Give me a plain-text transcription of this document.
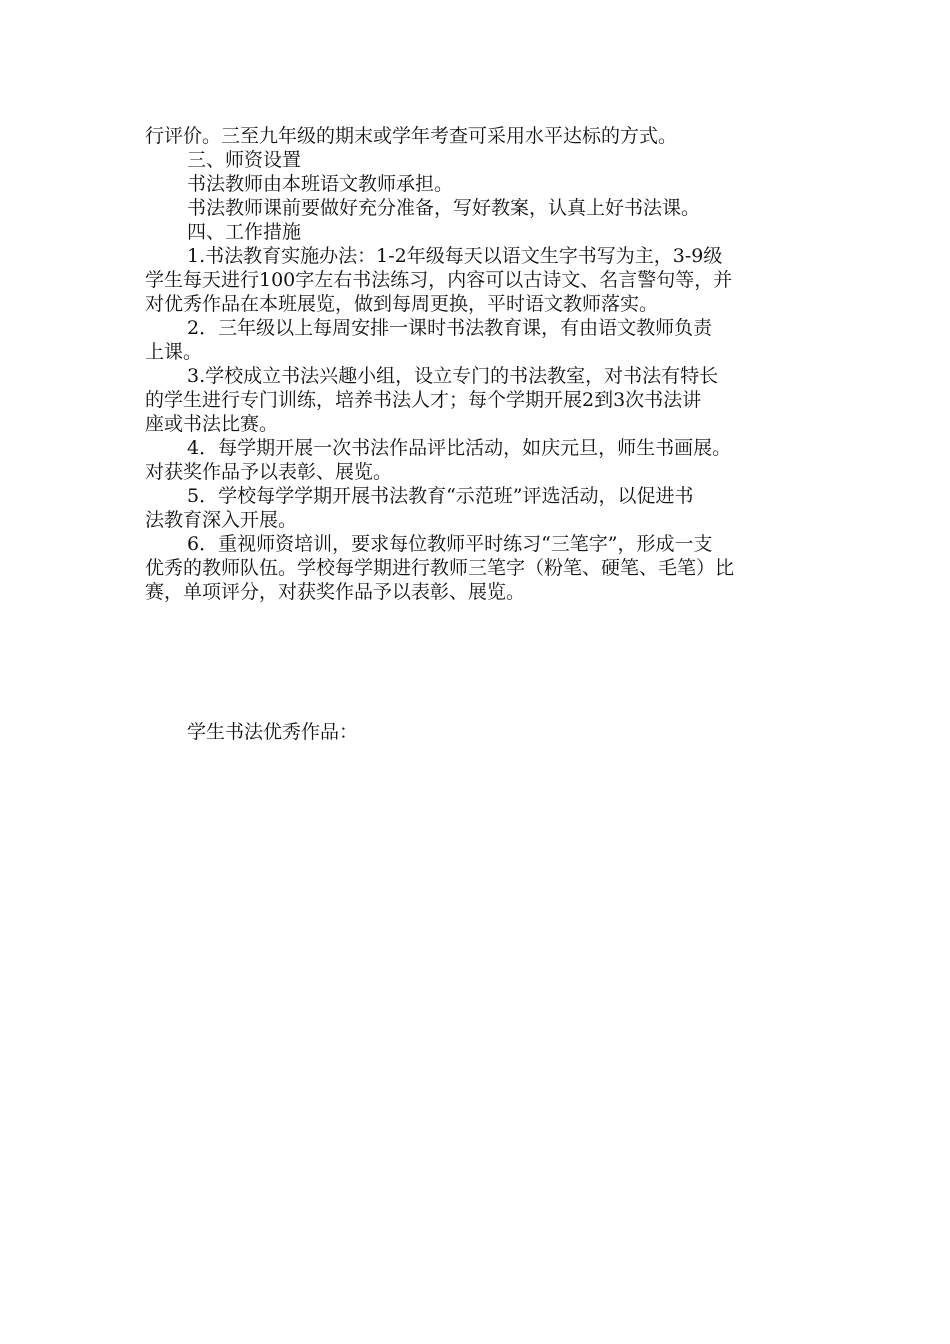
行评价。三至九年级的期末或学年考查可采用水平达标的方式。
三、师资设置
书法教师由本班语文教师承担。
书法教师课前要做好充分准备，写好教案，认真上好书法课。
四、工作措施
1.书法教育实施办法：1-2年级每天以语文生字书写为主，3-9级
学生每天进行100字左右书法练习，内容可以古诗文、名言警句等，并
对优秀作品在本班展览，做到每周更换，平时语文教师落实。
2．三年级以上每周安排一课时书法教育课，有由语文教师负责
上课。
3.学校成立书法兴趣小组，设立专门的书法教室，对书法有特长
的学生进行专门训练，培养书法人才；每个学期开展2到3次书法讲
座或书法比赛。
4．每学期开展一次书法作品评比活动，如庆元旦，师生书画展。
对获奖作品予以表彰、展览。
5．学校每学学期开展书法教育“示范班”评选活动，以促进书
法教育深入开展。
6．重视师资培训，要求每位教师平时练习“三笔字”，形成一支
优秀的教师队伍。学校每学期进行教师三笔字（粉笔、硬笔、毛笔）比
赛，单项评分，对获奖作品予以表彰、展览。
学生书法优秀作品：
